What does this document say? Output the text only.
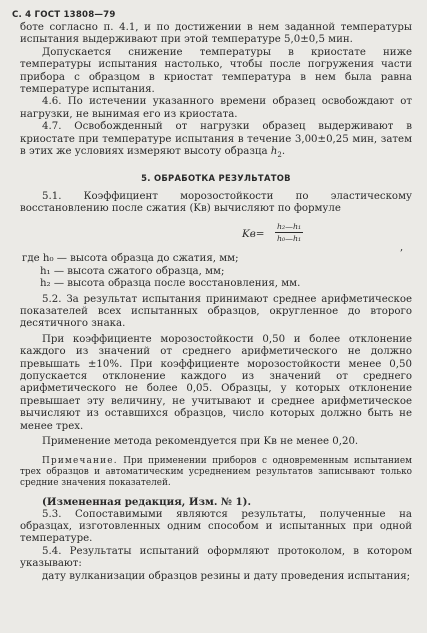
С. 4 ГОСТ 13808—79

боте согласно п. 4.1, и по достижении в нем заданной температуры испытания выдерживают при этой температуре 5,0±0,5 мин.

Допускается снижение температуры в криостате ниже температуры испытания настолько, чтобы после погружения части прибора с образцом в криостат температура в нем была равна температуре испытания.

4.6. По истечении указанного времени образец освобождают от нагрузки, не вынимая его из криостата.

4.7. Освобожденный от нагрузки образец выдерживают в криостате при температуре испытания в течение 3,00±0,25 мин, затем в этих же условиях измеряют высоту образца $h_2$.

5. ОБРАБОТКА РЕЗУЛЬТАТОВ

5.1. Коэффициент морозостойкости по эластическому восстановлению после сжатия (Kв) вычисляют по формуле

$Kв= \frac{\text{h₂—h₁}}{\text{h₀—h₁}}$
,
где h₀ — высота образца до сжатия, мм;
h₁ — высота сжатого образца, мм;
h₂ — высота образца после восстановления, мм.

5.2. За результат испытания принимают среднее арифметическое показателей всех испытанных образцов, округленное до второго десятичного знака.

При коэффициенте морозостойкости 0,50 и более отклонение каждого из значений от среднего арифметического не должно превышать ±10%. При коэффициенте морозостойкости менее 0,50 допускается отклонение каждого из значений от среднего арифметического не более 0,05. Образцы, у которых отклонение превышает эту величину, не учитывают и среднее арифметическое вычисляют из оставшихся образцов, число которых должно быть не менее трех.

Применение метода рекомендуется при Kв не менее 0,20.

Примечание. При применении приборов с одновременным испытанием трех образцов и автоматическим усреднением результатов записывают только средние значения показателей.

(Измененная редакция, Изм. № 1).

5.3. Сопоставимыми являются результаты, полученные на образцах, изготовленных одним способом и испытанных при одной температуре.

5.4. Результаты испытаний оформляют протоколом, в котором указывают:

дату вулканизации образцов резины и дату проведения испытания;
